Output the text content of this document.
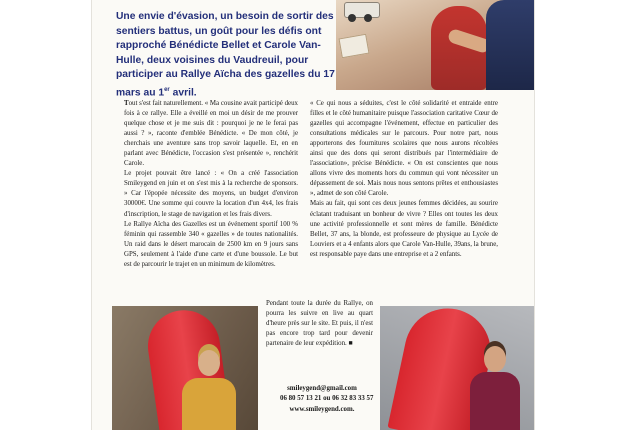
Une envie d'évasion, un besoin de sortir des sentiers battus, un goût pour les défis ont rapproché Bénédicte Bellet et Carole Van-Hulle, deux voisines du Vaudreuil, pour participer au Rallye Aïcha des gazelles du 17 mars au 1er avril.

Tout s'est fait naturellement. « Ma cousine avait participé deux fois à ce rallye. Elle a éveillé en moi un désir de me prouver quelque chose et je me suis dit : pourquoi je ne le ferai pas aussi ? », raconte d'emblée Bénédicte. « De mon côté, je cherchais une aventure sans trop savoir laquelle. Et, en en parlant avec Bénédicte, l'occasion s'est présentée », renchérit Carole.

Le projet pouvait être lancé : « On a créé l'association Smileygend en juin et on s'est mis à la recherche de sponsors. » Car l'épopée nécessite des moyens, un budget d'environ 30000€. Une somme qui couvre la location d'un 4x4, les frais d'inscription, le stage de navigation et les frais divers.

Le Rallye Aïcha des Gazelles est un événement sportif 100 % féminin qui rassemble 340 « gazelles » de toutes nationalités. Un raid dans le désert marocain de 2500 km en 9 jours sans GPS, seulement à l'aide d'une carte et d'une boussole. Le but est de parcourir le trajet en un minimum de kilomètres.

« Ce qui nous a séduites, c'est le côté solidarité et entraide entre filles et le côté humanitaire puisque l'association caritative Cœur de gazelles qui accompagne l'événement, effectue en particulier des consultations médicales sur le parcours. Pour notre part, nous apporterons des fournitures scolaires que nous aurons récoltées ainsi que des dons qui seront distribués par l'intermédiaire de l'association», précise Bénédicte. « On est conscientes que nous allons vivre des moments hors du commun qui vont nécessiter un dépassement de soi. Mais nous nous sentons prêtes et enthousiastes », admet de son côté Carole.

Mais au fait, qui sont ces deux jeunes femmes décidées, au sourire éclatant traduisant un bonheur de vivre ? Elles ont toutes les deux une activité professionnelle et sont mères de famille. Bénédicte Bellet, 37 ans, la blonde, est professeure de physique au Lycée de Louviers et a 4 enfants alors que Carole Van-Hulle, 39ans, la brune, est responsable paye dans une entreprise et a 2 enfants.

Pendant toute la durée du Rallye, on pourra les suivre en live au quart d'heure près sur le site. Et puis, il n'est pas encore trop tard pour devenir partenaire de leur expédition. ■

smileygend@gmail.com
06 80 57 13 21 ou 06 32 83 33 57
www.smileygend.com.
